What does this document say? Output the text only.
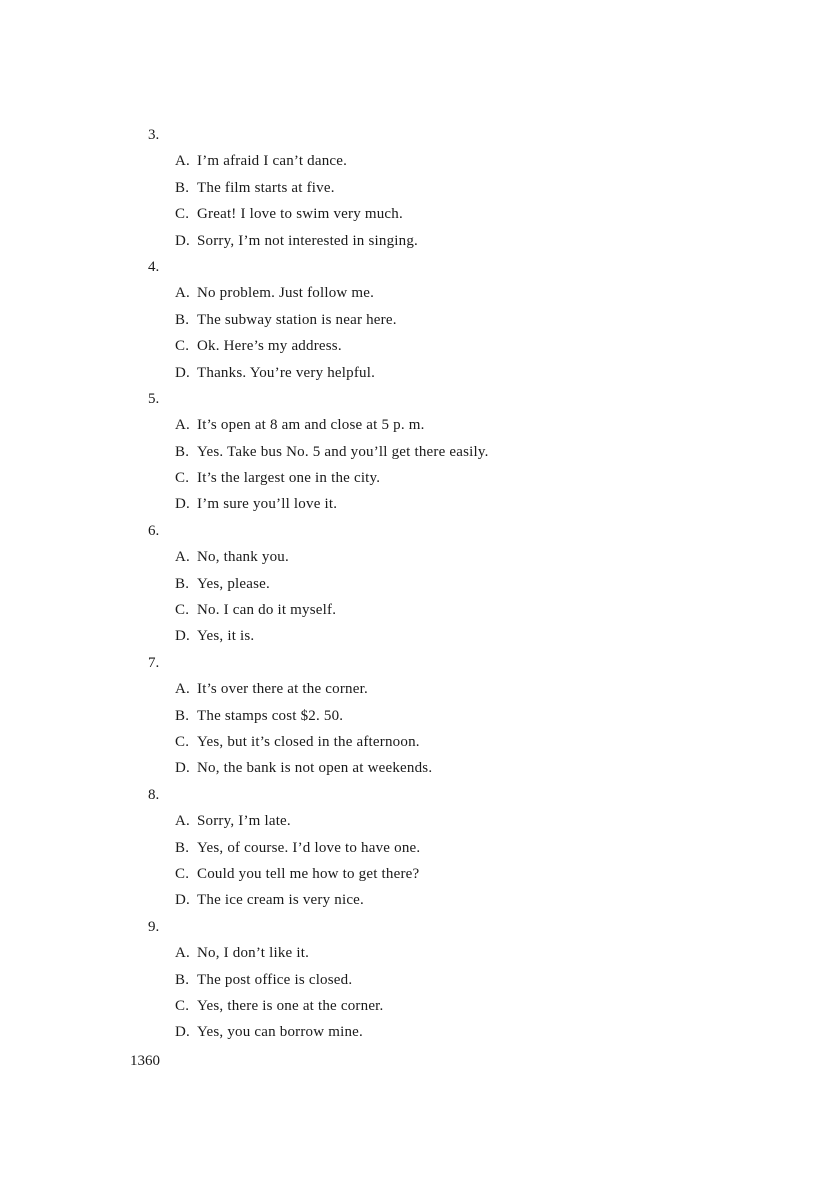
3.
A. I’m afraid I can’t dance.
B. The film starts at five.
C. Great! I love to swim very much.
D. Sorry, I’m not interested in singing.
4.
A. No problem. Just follow me.
B. The subway station is near here.
C. Ok. Here’s my address.
D. Thanks. You’re very helpful.
5.
A. It’s open at 8 am and close at 5 p. m.
B. Yes. Take bus No. 5 and you’ll get there easily.
C. It’s the largest one in the city.
D. I’m sure you’ll love it.
6.
A. No, thank you.
B. Yes, please.
C. No. I can do it myself.
D. Yes, it is.
7.
A. It’s over there at the corner.
B. The stamps cost $2. 50.
C. Yes, but it’s closed in the afternoon.
D. No, the bank is not open at weekends.
8.
A. Sorry, I’m late.
B. Yes, of course. I’d love to have one.
C. Could you tell me how to get there?
D. The ice cream is very nice.
9.
A. No, I don’t like it.
B. The post office is closed.
C. Yes, there is one at the corner.
D. Yes, you can borrow mine.
1360
